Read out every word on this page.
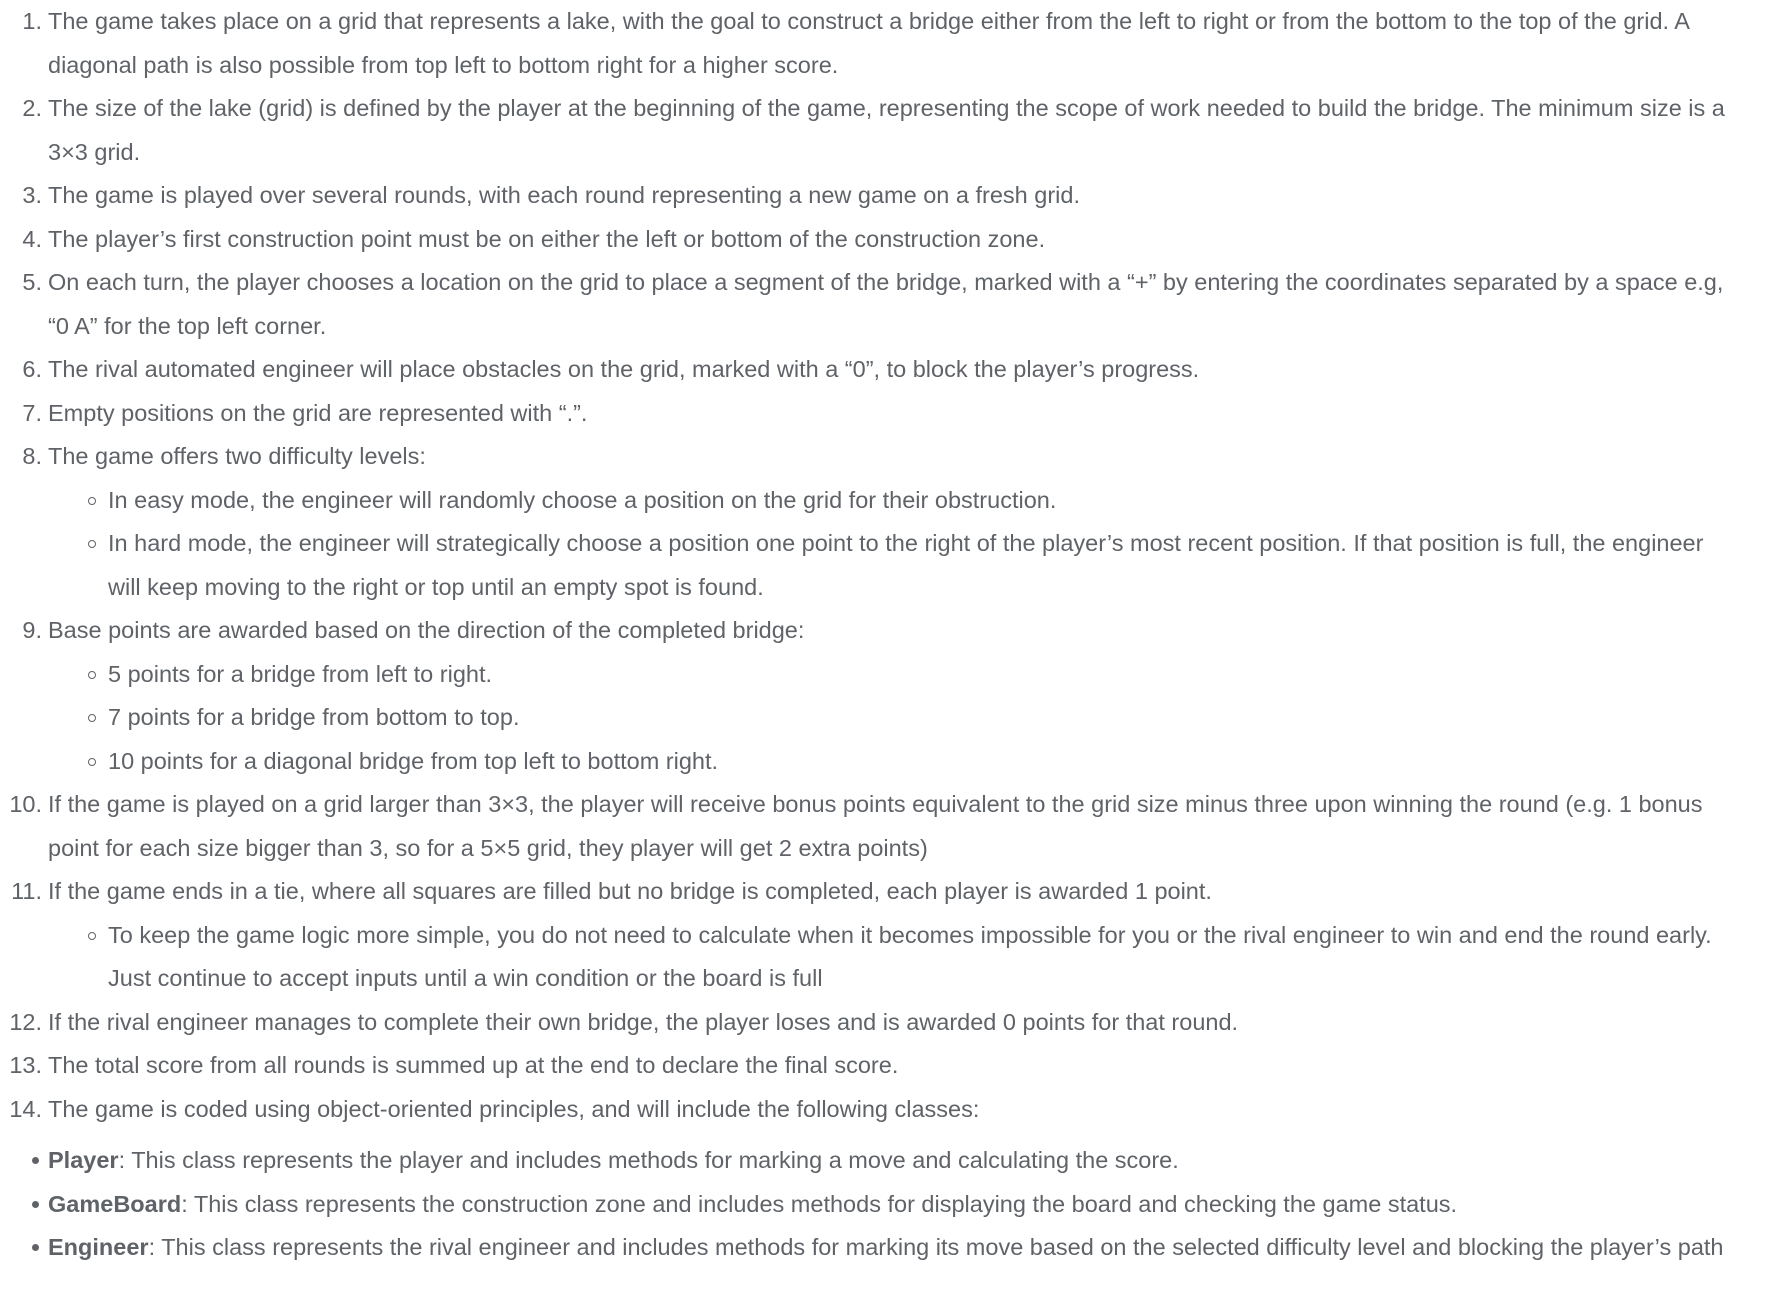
1. The game takes place on a grid that represents a lake, with the goal to construct a bridge either from the left to right or from the bottom to the top of the grid. A diagonal path is also possible from top left to bottom right for a higher score.
2. The size of the lake (grid) is defined by the player at the beginning of the game, representing the scope of work needed to build the bridge. The minimum size is a 3×3 grid.
3. The game is played over several rounds, with each round representing a new game on a fresh grid.
4. The player’s first construction point must be on either the left or bottom of the construction zone.
5. On each turn, the player chooses a location on the grid to place a segment of the bridge, marked with a “+” by entering the coordinates separated by a space e.g, “0 A” for the top left corner.
6. The rival automated engineer will place obstacles on the grid, marked with a “0”, to block the player’s progress.
7. Empty positions on the grid are represented with “.”.
8. The game offers two difficulty levels:
In easy mode, the engineer will randomly choose a position on the grid for their obstruction.
In hard mode, the engineer will strategically choose a position one point to the right of the player’s most recent position. If that position is full, the engineer will keep moving to the right or top until an empty spot is found.
9. Base points are awarded based on the direction of the completed bridge:
5 points for a bridge from left to right.
7 points for a bridge from bottom to top.
10 points for a diagonal bridge from top left to bottom right.
10. If the game is played on a grid larger than 3×3, the player will receive bonus points equivalent to the grid size minus three upon winning the round (e.g. 1 bonus point for each size bigger than 3, so for a 5×5 grid, they player will get 2 extra points)
11. If the game ends in a tie, where all squares are filled but no bridge is completed, each player is awarded 1 point.
To keep the game logic more simple, you do not need to calculate when it becomes impossible for you or the rival engineer to win and end the round early. Just continue to accept inputs until a win condition or the board is full
12. If the rival engineer manages to complete their own bridge, the player loses and is awarded 0 points for that round.
13. The total score from all rounds is summed up at the end to declare the final score.
14. The game is coded using object-oriented principles, and will include the following classes:
Player: This class represents the player and includes methods for marking a move and calculating the score.
GameBoard: This class represents the construction zone and includes methods for displaying the board and checking the game status.
Engineer: This class represents the rival engineer and includes methods for marking its move based on the selected difficulty level and blocking the player’s path
